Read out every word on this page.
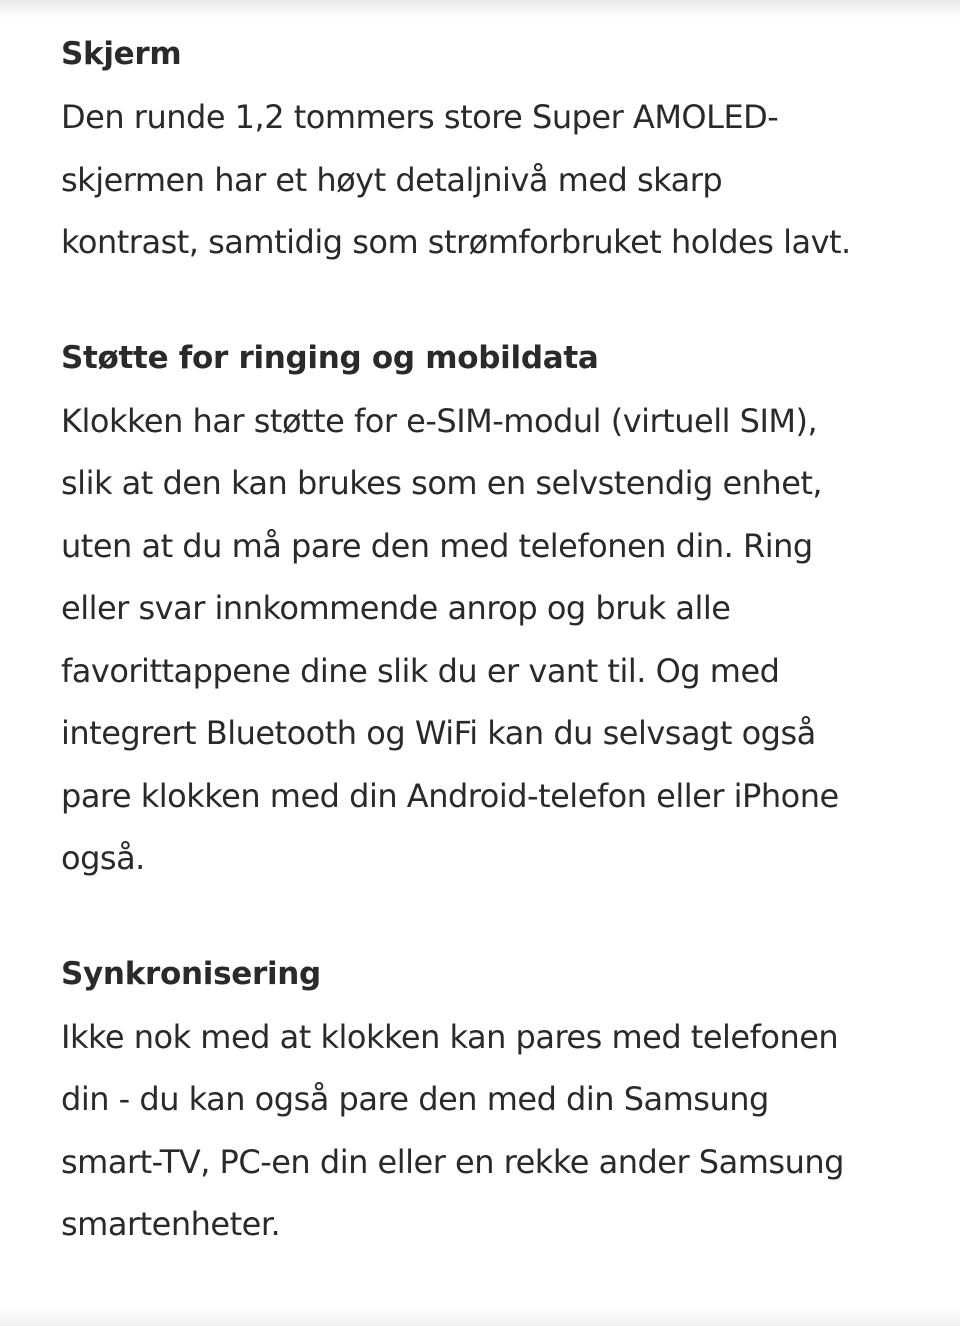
Skjerm

Den runde 1,2 tommers store Super AMOLED-
skjermen har et høyt detaljnivå med skarp
kontrast, samtidig som strømforbruket holdes lavt.

Støtte for ringing og mobildata

Klokken har støtte for e-SIM-modul (virtuell SIM),
slik at den kan brukes som en selvstendig enhet,
uten at du må pare den med telefonen din. Ring
eller svar innkommende anrop og bruk alle
favorittappene dine slik du er vant til. Og med
integrert Bluetooth og WiFi kan du selvsagt også
pare klokken med din Android-telefon eller iPhone
også.

Synkronisering

Ikke nok med at klokken kan pares med telefonen
din - du kan også pare den med din Samsung
smart-TV, PC-en din eller en rekke ander Samsung
smartenheter.
